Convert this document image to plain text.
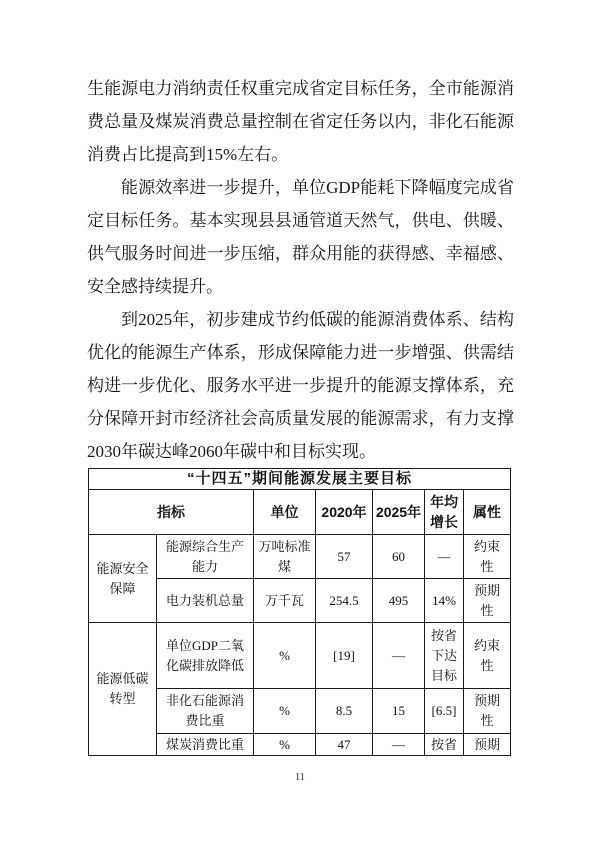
生能源电力消纳责任权重完成省定目标任务，全市能源消费总量及煤炭消费总量控制在省定任务以内，非化石能源消费占比提高到15%左右。

能源效率进一步提升，单位GDP能耗下降幅度完成省定目标任务。基本实现县县通管道天然气，供电、供暖、供气服务时间进一步压缩，群众用能的获得感、幸福感、安全感持续提升。

到2025年，初步建成节约低碳的能源消费体系、结构优化的能源生产体系，形成保障能力进一步增强、供需结构进一步优化、服务水平进一步提升的能源支撑体系，充分保障开封市经济社会高质量发展的能源需求，有力支撑2030年碳达峰2060年碳中和目标实现。

“十四五”期间能源发展主要目标						
指标		单位	2020年	2025年	年均增长	属性
能源安全保障	能源综合生产能力	万吨标准煤	57	60	—	约束性
	电力装机总量	万千瓦	254.5	495	14%	预期性
能源低碳转型	单位GDP二氧化碳排放降低	%	[19]	—	按省下达目标	约束性
	非化石能源消费比重	%	8.5	15	[6.5]	预期性
	煤炭消费比重	%	47	—	按省	预期
11
